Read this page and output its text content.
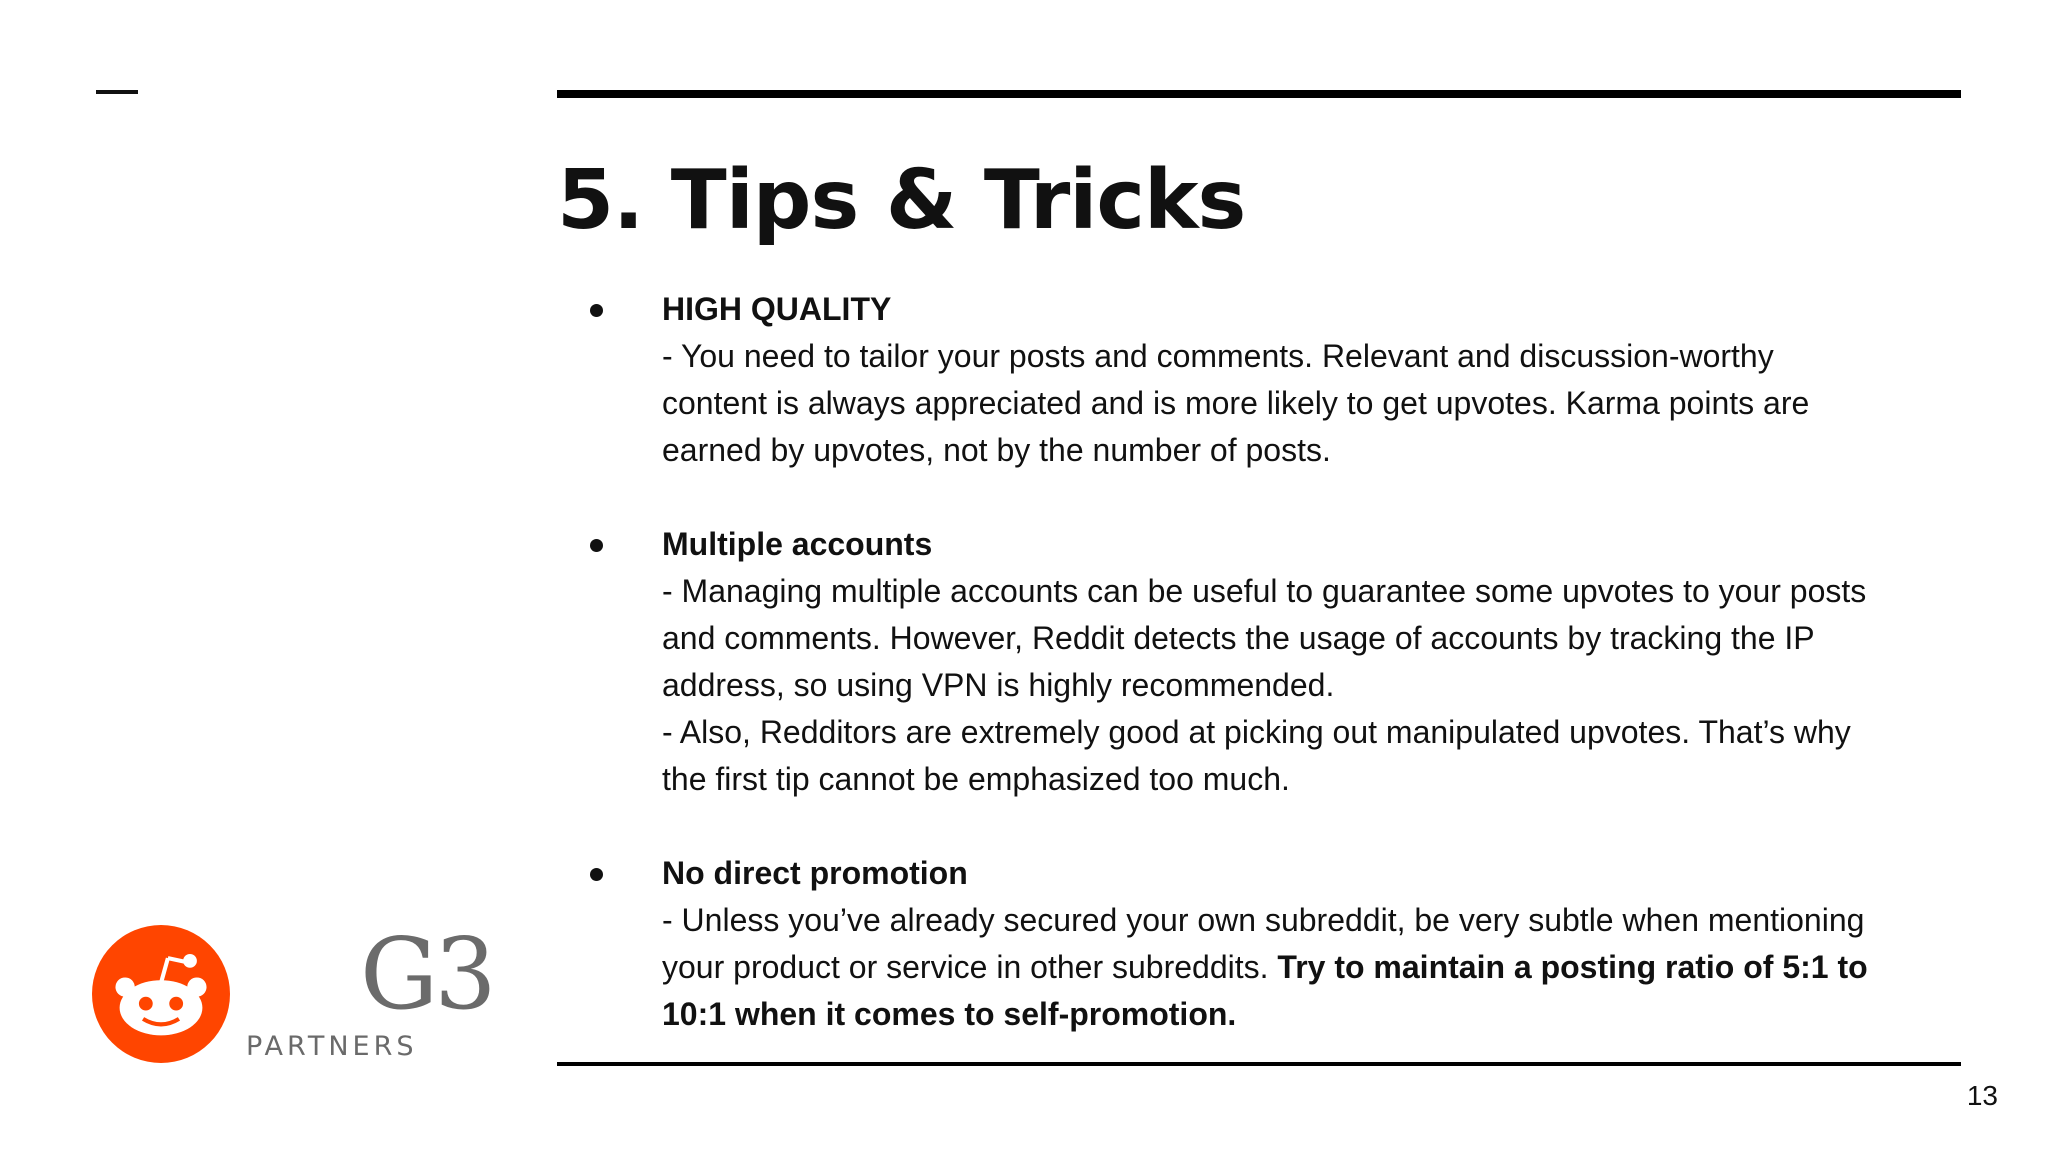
5. Tips & Tricks
HIGH QUALITY
- You need to tailor your posts and comments. Relevant and discussion-worthy
content is always appreciated and is more likely to get upvotes. Karma points are
earned by upvotes, not by the number of posts.
Multiple accounts
- Managing multiple accounts can be useful to guarantee some upvotes to your posts
and comments. However, Reddit detects the usage of accounts by tracking the IP
address, so using VPN is highly recommended.
- Also, Redditors are extremely good at picking out manipulated upvotes. That’s why
the first tip cannot be emphasized too much.
No direct promotion
- Unless you’ve already secured your own subreddit, be very subtle when mentioning
your product or service in other subreddits. Try to maintain a posting ratio of 5:1 to
10:1 when it comes to self-promotion.
G3
PARTNERS
13
